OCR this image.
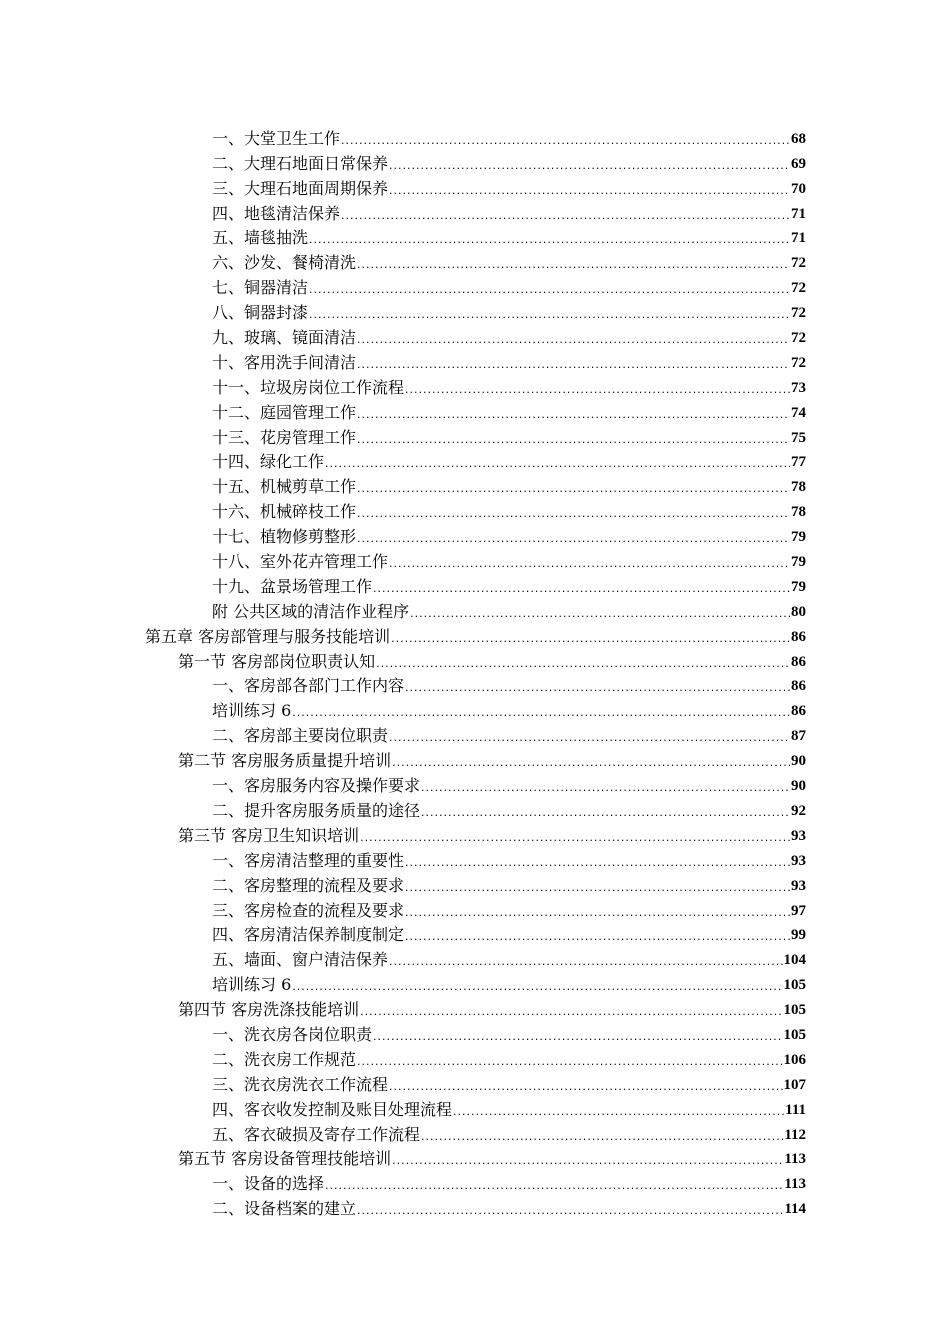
一、大堂卫生工作 .....	68
二、大理石地面日常保养 .....	69
三、大理石地面周期保养 .....	70
四、地毯清洁保养 .....	71
五、墙毯抽洗 .....	71
六、沙发、餐椅清洗 .....	72
七、铜器清洁 .....	72
八、铜器封漆 .....	72
九、玻璃、镜面清洁 .....	72
十、客用洗手间清洁 .....	72
十一、垃圾房岗位工作流程 .....	73
十二、庭园管理工作 .....	74
十三、花房管理工作 .....	75
十四、绿化工作 .....	77
十五、机械剪草工作 .....	78
十六、机械碎枝工作 .....	78
十七、植物修剪整形 .....	79
十八、室外花卉管理工作 .....	79
十九、盆景场管理工作 .....	79
附 公共区域的清洁作业程序 .....	80
第五章 客房部管理与服务技能培训 .....	86
第一节 客房部岗位职责认知 .....	86
一、客房部各部门工作内容 .....	86
培训练习 6 .....	86
二、客房部主要岗位职责 .....	87
第二节 客房服务质量提升培训 .....	90
一、客房服务内容及操作要求 .....	90
二、提升客房服务质量的途径 .....	92
第三节 客房卫生知识培训 .....	93
一、客房清洁整理的重要性 .....	93
二、客房整理的流程及要求 .....	93
三、客房检查的流程及要求 .....	97
四、客房清洁保养制度制定 .....	99
五、墙面、窗户清洁保养 .....	104
培训练习 6 .....	105
第四节 客房洗涤技能培训 .....	105
一、洗衣房各岗位职责 .....	105
二、洗衣房工作规范 .....	106
三、洗衣房洗衣工作流程 .....	107
四、客衣收发控制及账目处理流程 .....	111
五、客衣破损及寄存工作流程 .....	112
第五节 客房设备管理技能培训 .....	113
一、设备的选择 .....	113
二、设备档案的建立 .....	114
